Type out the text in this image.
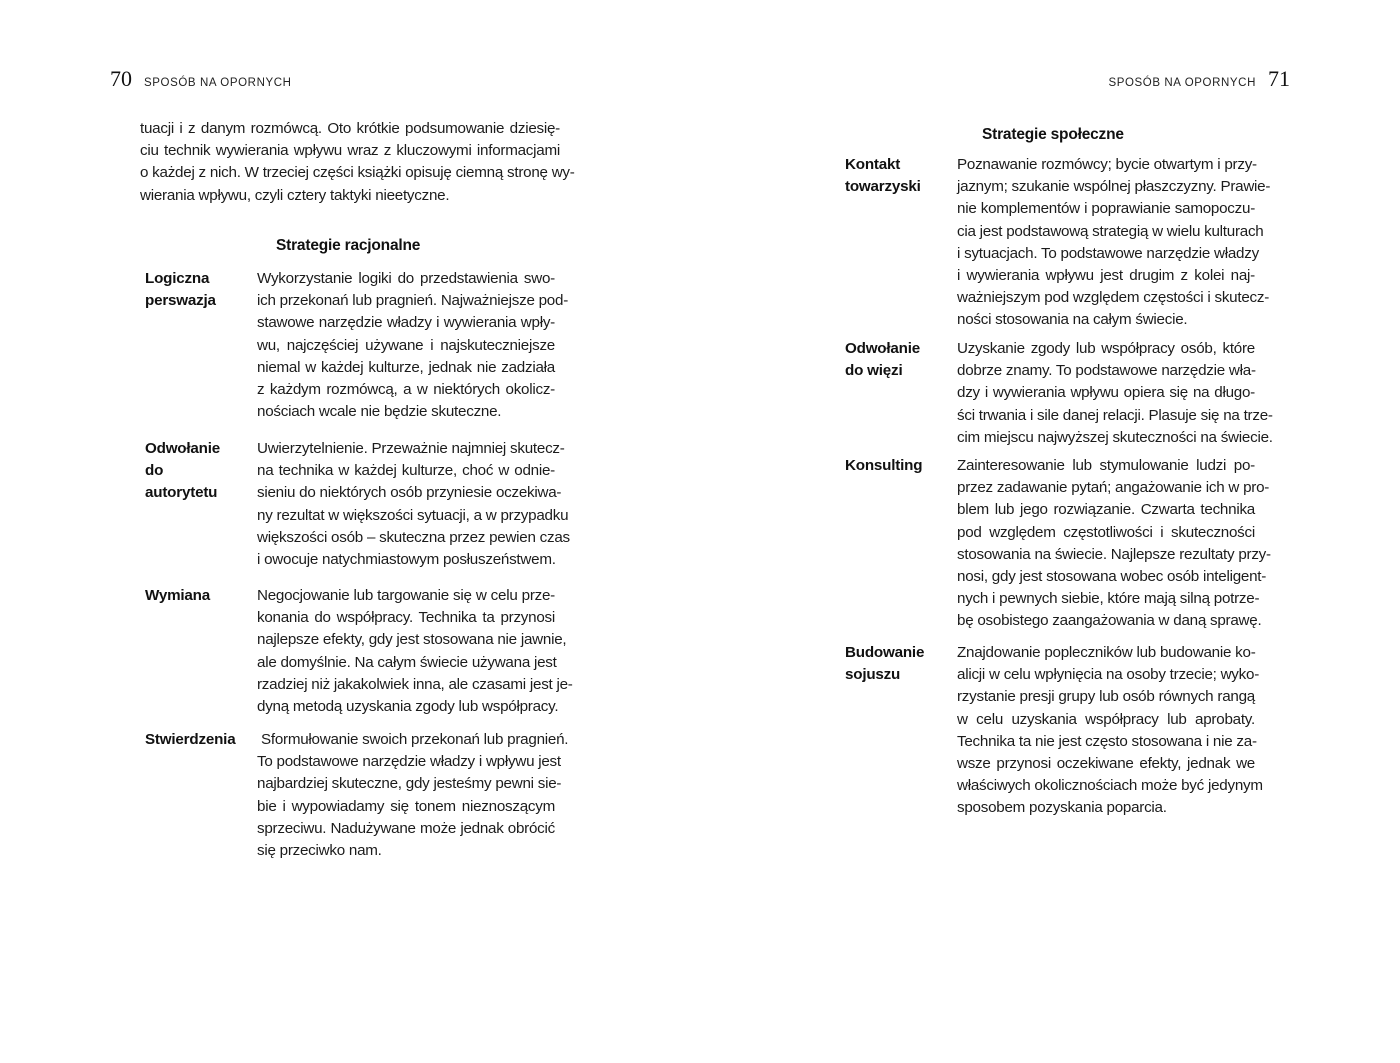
70 SPOSÓB NA OPORNYCH
tuacji i z danym rozmówcą. Oto krótkie podsumowanie dziesię-
ciu technik wywierania wpływu wraz z kluczowymi informacjami
o każdej z nich. W trzeciej części książki opisuję ciemną stronę wy-
wierania wpływu, czyli cztery taktyki nieetyczne.
Strategie racjonalne
Logiczna
perswazja
Wykorzystanie logiki do przedstawienia swo-
ich przekonań lub pragnień. Najważniejsze pod-
stawowe narzędzie władzy i wywierania wpły-
wu, najczęściej używane i najskuteczniejsze
niemal w każdej kulturze, jednak nie zadziała
z każdym rozmówcą, a w niektórych okolicz-
nościach wcale nie będzie skuteczne.
Odwołanie
do autorytetu
Uwierzytelnienie. Przeważnie najmniej skutecz-
na technika w każdej kulturze, choć w odnie-
sieniu do niektórych osób przyniesie oczekiwa-
ny rezultat w większości sytuacji, a w przypadku
większości osób – skuteczna przez pewien czas
i owocuje natychmiastowym posłuszeństwem.
Wymiana	Negocjowanie lub targowanie się w celu prze-
konania do współpracy. Technika ta przynosi
najlepsze efekty, gdy jest stosowana nie jawnie,
ale domyślnie. Na całym świecie używana jest
rzadziej niż jakakolwiek inna, ale czasami jest je-
dyną metodą uzyskania zgody lub współpracy.
Stwierdzenia Sformułowanie swoich przekonań lub pragnień.
To podstawowe narzędzie władzy i wpływu jest
najbardziej skuteczne, gdy jesteśmy pewni sie-
bie i wypowiadamy się tonem nieznoszącym
sprzeciwu. Nadużywane może jednak obrócić
się przeciwko nam.
SPOSÓB NA OPORNYCH 71
Strategie społeczne
Kontakt
towarzyski
Poznawanie rozmówcy; bycie otwartym i przy-
jaznym; szukanie wspólnej płaszczyzny. Prawie-
nie komplementów i poprawianie samopoczu-
cia jest podstawową strategią w wielu kulturach
i sytuacjach. To podstawowe narzędzie władzy
i wywierania wpływu jest drugim z kolei naj-
ważniejszym pod względem częstości i skutecz-
ności stosowania na całym świecie.
Odwołanie
do więzi
Uzyskanie zgody lub współpracy osób, które
dobrze znamy. To podstawowe narzędzie wła-
dzy i wywierania wpływu opiera się na długo-
ści trwania i sile danej relacji. Plasuje się na trze-
cim miejscu najwyższej skuteczności na świecie.
Konsulting Zainteresowanie lub stymulowanie ludzi po-
przez zadawanie pytań; angażowanie ich w pro-
blem lub jego rozwiązanie. Czwarta technika
pod względem częstotliwości i skuteczności
stosowania na świecie. Najlepsze rezultaty przy-
nosi, gdy jest stosowana wobec osób inteligent-
nych i pewnych siebie, które mają silną potrze-
bę osobistego zaangażowania w daną sprawę.
Budowanie
sojuszu
Znajdowanie popleczników lub budowanie ko-
alicji w celu wpłynięcia na osoby trzecie; wyko-
rzystanie presji grupy lub osób równych rangą
w celu uzyskania współpracy lub aprobaty.
Technika ta nie jest często stosowana i nie za-
wsze przynosi oczekiwane efekty, jednak we
właściwych okolicznościach może być jedynym
sposobem pozyskania poparcia.
